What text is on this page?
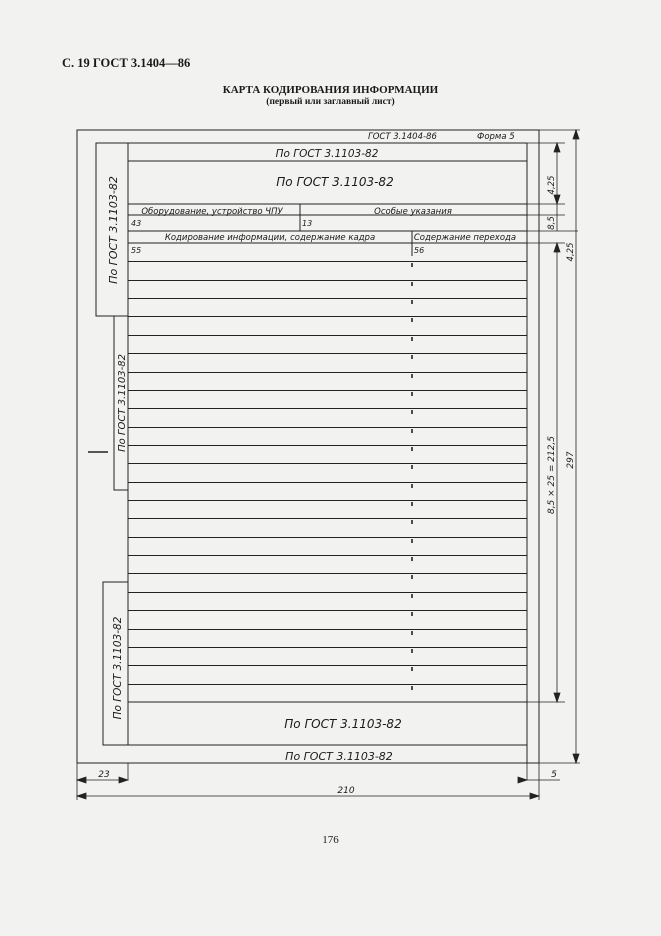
С. 19 ГОСТ 3.1404—86
КАРТА КОДИРОВАНИЯ ИНФОРМАЦИИ
(первый или заглавный лист)
ГОСТ 3.1404-86	Форма 5
По ГОСТ 3.1103-82
По ГОСТ 3.1103-82
Оборудование, устройство ЧПУ	Особые указания
43	13
Кодирование информации, содержание кадра	Содержание перехода
55	56
По ГОСТ 3.1103-82
По ГОСТ 3.1103-82
По ГОСТ 3.1103-82
По ГОСТ 3.1103-82
По ГОСТ 3.1103-82
4,25
8,5
4,25
8,5 × 25 = 212,5 297
210
23	5
176
